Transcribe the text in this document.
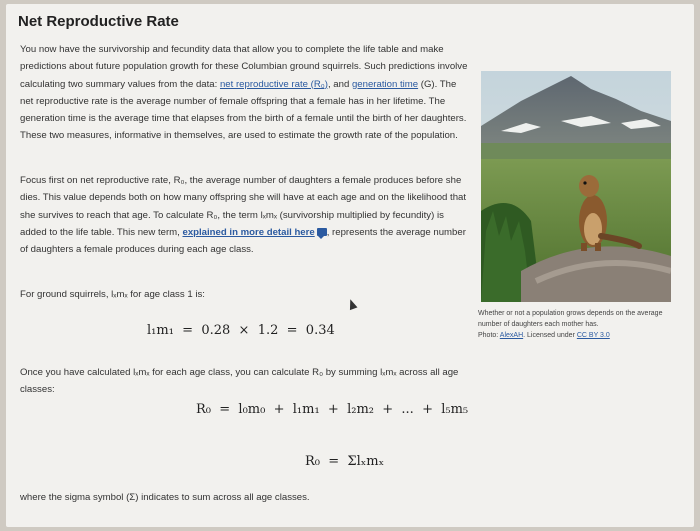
Net Reproductive Rate
You now have the survivorship and fecundity data that allow you to complete the life table and make predictions about future population growth for these Columbian ground squirrels. Such predictions involve calculating two summary values from the data: net reproductive rate (R₀), and generation time (G). The net reproductive rate is the average number of female offspring that a female has in her lifetime. The generation time is the average time that elapses from the birth of a female until the birth of her daughters. These two measures, informative in themselves, are used to estimate the growth rate of the population.
Focus first on net reproductive rate, R₀, the average number of daughters a female produces before she dies. This value depends both on how many offspring she will have at each age and on the likelihood that she survives to reach that age. To calculate R₀, the term lₓmₓ (survivorship multiplied by fecundity) is added to the life table. This new term, explained in more detail here , represents the average number of daughters a female produces during each age class.
For ground squirrels, lₓmₓ for age class 1 is:
l₁m₁  =  0.28  ×  1.2  =  0.34
Once you have calculated lₓmₓ for each age class, you can calculate R₀ by summing lₓmₓ across all age classes:
R₀  =  l₀m₀  +  l₁m₁  +  l₂m₂  +  ...  +  l₅m₅
R₀  =  Σlₓmₓ
where the sigma symbol (Σ) indicates to sum across all age classes.
Whether or not a population grows depends on the average number of daughters each mother has.
Photo: AlexAH. Licensed under CC BY 3.0
